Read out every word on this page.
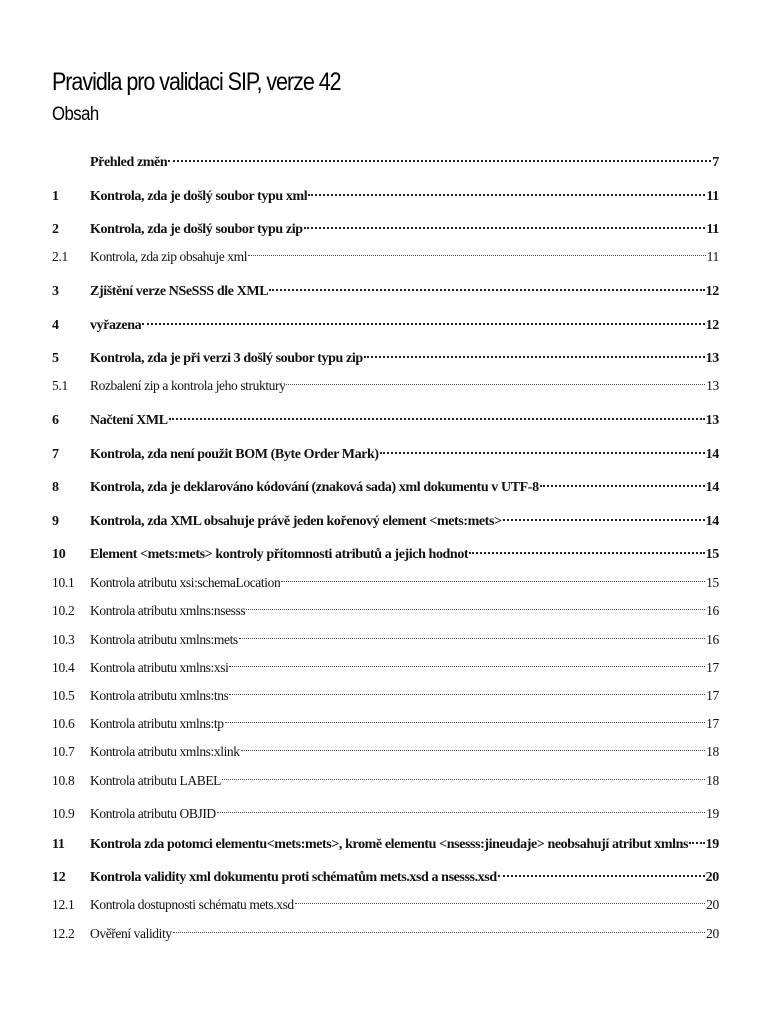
Pravidla pro validaci SIP, verze 42
Obsah
Přehled změn	7
1	Kontrola, zda je došlý soubor typu xml	11
2	Kontrola, zda je došlý soubor typu zip	11
2.1	Kontrola, zda zip obsahuje xml	11
3	Zjištění verze NSeSSS dle XML	12
4	vyřazena	12
5	Kontrola, zda je při verzi 3 došlý soubor typu zip	13
5.1	Rozbalení zip a kontrola jeho struktury	13
6	Načtení XML	13
7	Kontrola, zda není použit BOM (Byte Order Mark)	14
8	Kontrola, zda je deklarováno kódování (znaková sada) xml dokumentu v UTF-8	14
9	Kontrola, zda XML obsahuje právě jeden kořenový element <mets:mets>	14
10	Element <mets:mets> kontroly přítomnosti atributů a jejich hodnot	15
10.1	Kontrola atributu xsi:schemaLocation	15
10.2	Kontrola atributu xmlns:nsesss	16
10.3	Kontrola atributu xmlns:mets	16
10.4	Kontrola atributu xmlns:xsi	17
10.5	Kontrola atributu xmlns:tns	17
10.6	Kontrola atributu xmlns:tp	17
10.7	Kontrola atributu xmlns:xlink	18
10.8	Kontrola atributu LABEL	18
10.9	Kontrola atributu OBJID	19
11	Kontrola zda potomci elementu<mets:mets>, kromě elementu <nsesss:jineudaje> neobsahují atribut xmlns 19
12	Kontrola validity xml dokumentu proti schématům mets.xsd a nsesss.xsd	20
12.1	Kontrola dostupnosti schématu mets.xsd	20
12.2	Ověření validity	20
